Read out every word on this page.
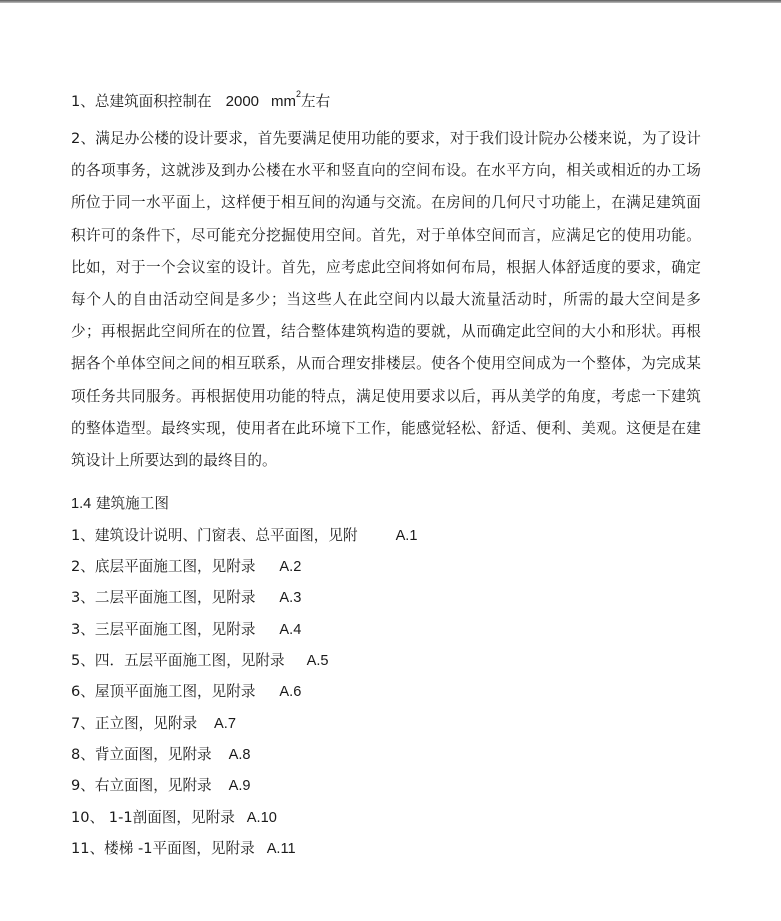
1、总建筑面积控制在 2000 $mm^2$左右

2、满足办公楼的设计要求，首先要满足使用功能的要求，对于我们设计院办公楼来说，为了设计的各项事务，这就涉及到办公楼在水平和竖直向的空间布设。在水平方向，相关或相近的办工场所位于同一水平面上，这样便于相互间的沟通与交流。在房间的几何尺寸功能上，在满足建筑面积许可的条件下，尽可能充分挖掘使用空间。首先，对于单体空间而言，应满足它的使用功能。比如，对于一个会议室的设计。首先，应考虑此空间将如何布局，根据人体舒适度的要求，确定每个人的自由活动空间是多少；当这些人在此空间内以最大流量活动时，所需的最大空间是多少；再根据此空间所在的位置，结合整体建筑构造的要就，从而确定此空间的大小和形状。再根据各个单体空间之间的相互联系，从而合理安排楼层。使各个使用空间成为一个整体，为完成某项任务共同服务。再根据使用功能的特点，满足使用要求以后，再从美学的角度，考虑一下建筑的整体造型。最终实现，使用者在此环境下工作，能感觉轻松、舒适、便利、美观。这便是在建筑设计上所要达到的最终目的。

1.4 建筑施工图
1、建筑设计说明、门窗表、总平面图，见附	A.1
2、底层平面施工图，见附录 A.2
3、二层平面施工图，见附录 A.3
3、三层平面施工图，见附录 A.4
5、四．五层平面施工图，见附录 A.5
6、屋顶平面施工图，见附录 A.6
7、正立图，见附录 A.7
8、背立面图，见附录 A.8
9、右立面图，见附录 A.9
10、 1-1剖面图，见附录 A.10
11、楼梯 -1平面图，见附录 A.11
